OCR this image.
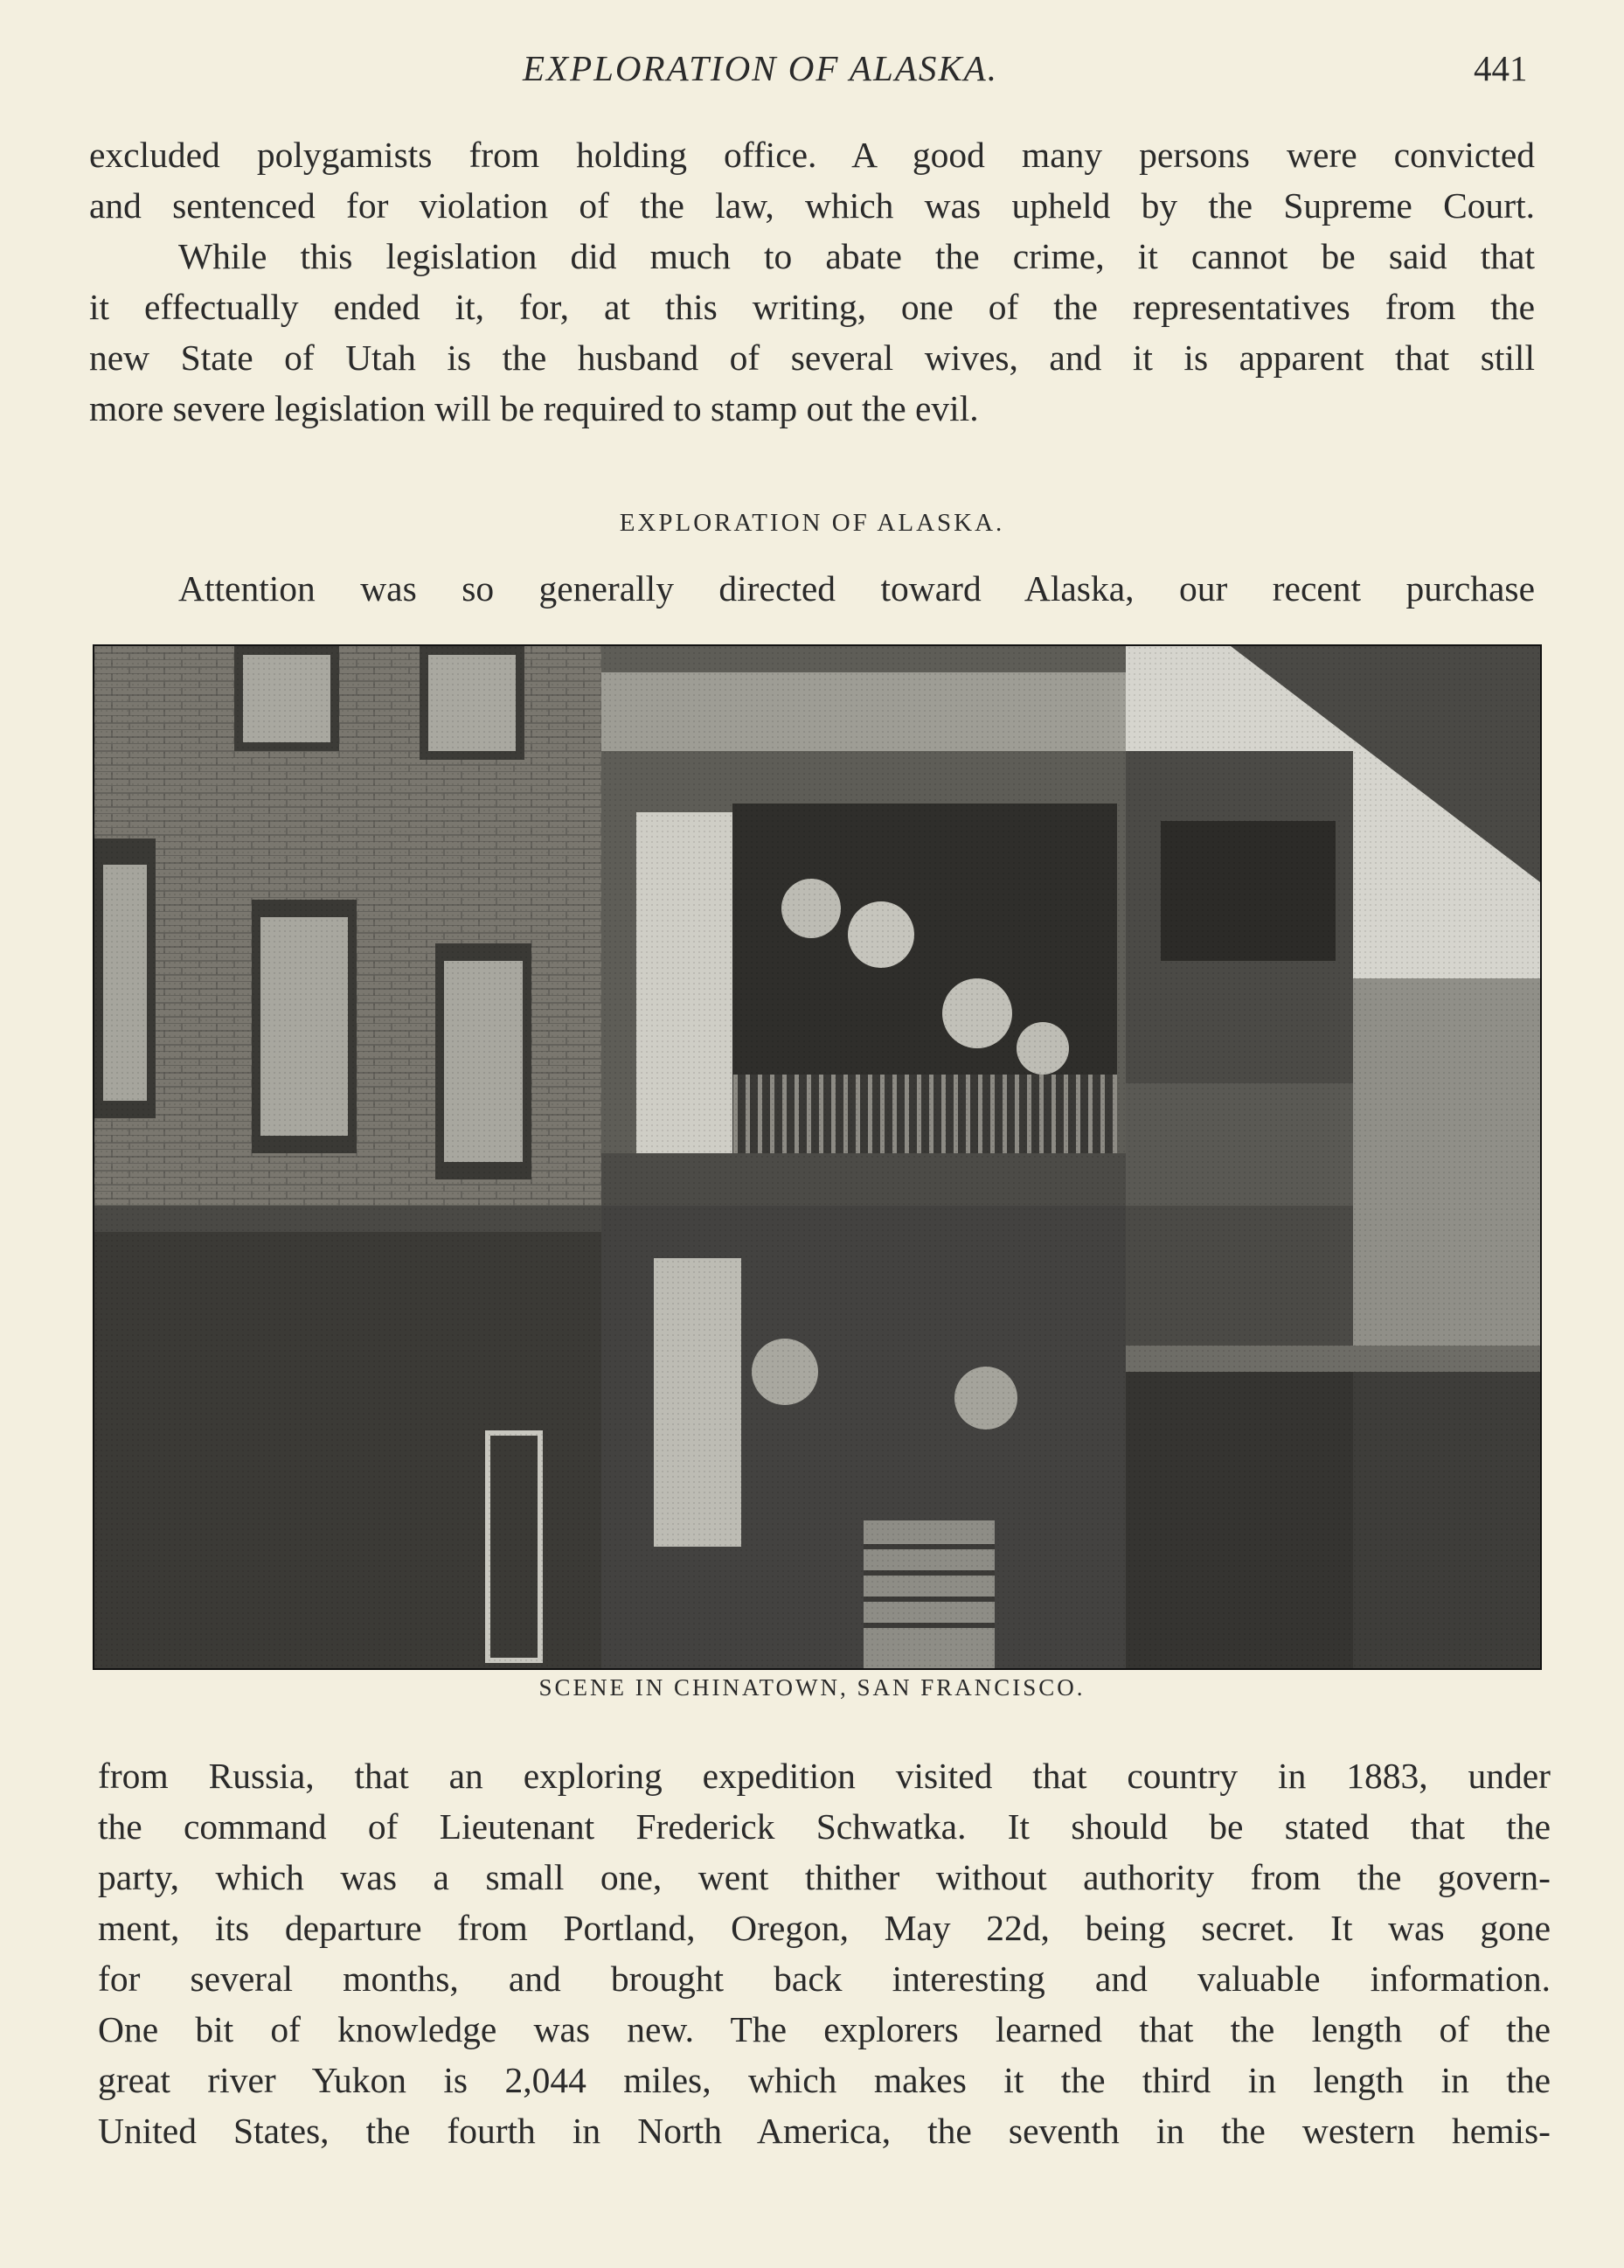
EXPLORATION OF ALASKA.	441
excluded polygamists from holding office. A good many persons were convicted
and sentenced for violation of the law, which was upheld by the Supreme Court.
While this legislation did much to abate the crime, it cannot be said that
it effectually ended it, for, at this writing, one of the representatives from the
new State of Utah is the husband of several wives, and it is apparent that still
more severe legislation will be required to stamp out the evil.
EXPLORATION OF ALASKA.
Attention was so generally directed toward Alaska, our recent purchase
SCENE IN CHINATOWN, SAN FRANCISCO.
from Russia, that an exploring expedition visited that country in 1883, under
the command of Lieutenant Frederick Schwatka. It should be stated that the
party, which was a small one, went thither without authority from the govern-
ment, its departure from Portland, Oregon, May 22d, being secret. It was gone
for several months, and brought back interesting and valuable information.
One bit of knowledge was new. The explorers learned that the length of the
great river Yukon is 2,044 miles, which makes it the third in length in the
United States, the fourth in North America, the seventh in the western hemis-
